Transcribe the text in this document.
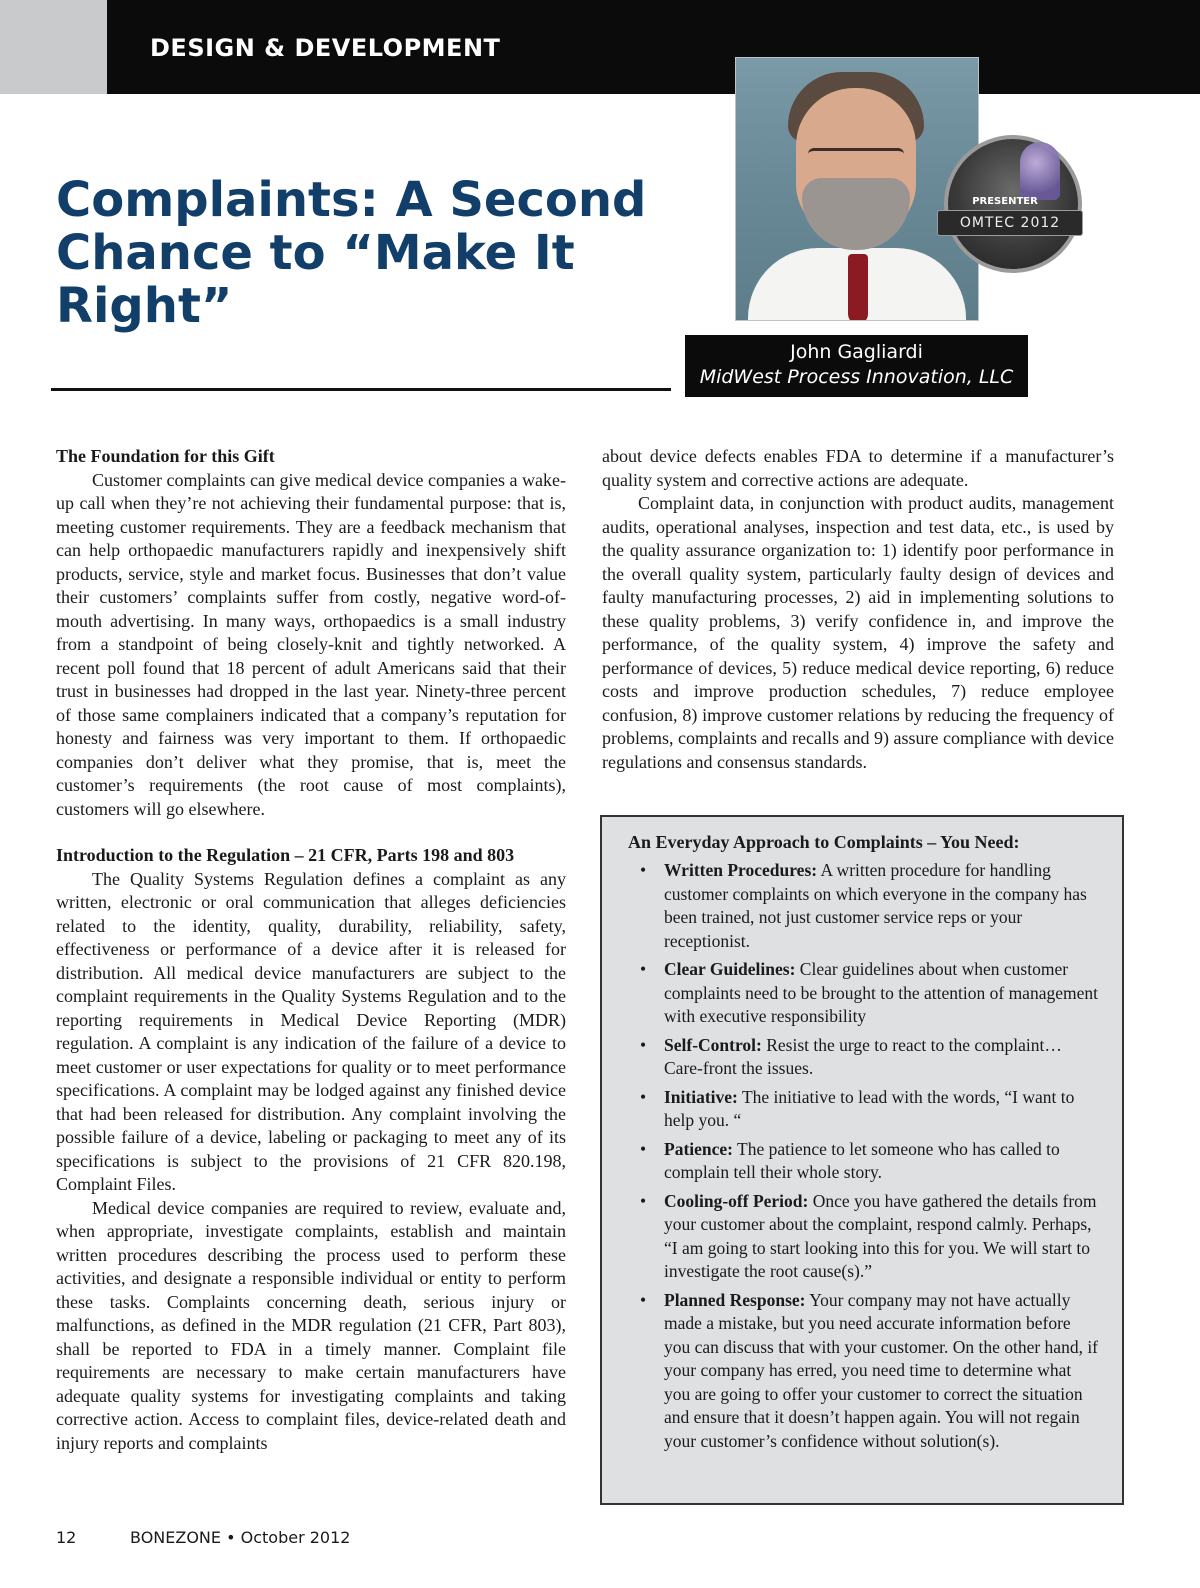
DESIGN & DEVELOPMENT
Complaints: A Second Chance to “Make It Right”
PRESENTER
OMTEC 2012
John Gagliardi
MidWest Process Innovation, LLC
The Foundation for this Gift

Customer complaints can give medical device companies a wake-up call when they’re not achieving their fundamental purpose: that is, meeting customer requirements. They are a feedback mechanism that can help orthopaedic manufacturers rapidly and inexpensively shift products, service, style and market focus. Businesses that don’t value their customers’ complaints suffer from costly, negative word-of-mouth advertising. In many ways, orthopaedics is a small industry from a standpoint of being closely-knit and tightly networked. A recent poll found that 18 percent of adult Americans said that their trust in businesses had dropped in the last year. Ninety-three percent of those same complainers indicated that a company’s reputation for honesty and fairness was very important to them. If orthopaedic companies don’t deliver what they promise, that is, meet the customer’s requirements (the root cause of most complaints), customers will go elsewhere.

Introduction to the Regulation – 21 CFR, Parts 198 and 803

The Quality Systems Regulation defines a complaint as any written, electronic or oral communication that alleges deficiencies related to the identity, quality, durability, reliability, safety, effectiveness or performance of a device after it is released for distribution. All medical device manufacturers are subject to the complaint requirements in the Quality Systems Regulation and to the reporting requirements in Medical Device Reporting (MDR) regulation. A complaint is any indication of the failure of a device to meet customer or user expectations for quality or to meet performance specifications. A complaint may be lodged against any finished device that had been released for distribution. Any complaint involving the possible failure of a device, labeling or packaging to meet any of its specifications is subject to the provisions of 21 CFR 820.198, Complaint Files.

Medical device companies are required to review, evaluate and, when appropriate, investigate complaints, establish and maintain written procedures describing the process used to perform these activities, and designate a responsible individual or entity to perform these tasks. Complaints concerning death, serious injury or malfunctions, as defined in the MDR regulation (21 CFR, Part 803), shall be reported to FDA in a timely manner. Complaint file requirements are necessary to make certain manufacturers have adequate quality systems for investigating complaints and taking corrective action. Access to complaint files, device-related death and injury reports and complaints

about device defects enables FDA to determine if a manufacturer’s quality system and corrective actions are adequate.

Complaint data, in conjunction with product audits, management audits, operational analyses, inspection and test data, etc., is used by the quality assurance organization to: 1) identify poor performance in the overall quality system, particularly faulty design of devices and faulty manufacturing processes, 2) aid in implementing solutions to these quality problems, 3) verify confidence in, and improve the performance, of the quality system, 4) improve the safety and performance of devices, 5) reduce medical device reporting, 6) reduce costs and improve production schedules, 7) reduce employee confusion, 8) improve customer relations by reducing the frequency of problems, complaints and recalls and 9) assure compliance with device regulations and consensus standards.

An Everyday Approach to Complaints – You Need:
• Written Procedures: A written procedure for handling customer complaints on which everyone in the company has been trained, not just customer service reps or your receptionist.
• Clear Guidelines: Clear guidelines about when customer complaints need to be brought to the attention of management with executive responsibility
• Self-Control: Resist the urge to react to the complaint… Care-front the issues.
• Initiative: The initiative to lead with the words, “I want to help you. “
• Patience: The patience to let someone who has called to complain tell their whole story.
• Cooling-off Period: Once you have gathered the details from your customer about the complaint, respond calmly. Perhaps, “I am going to start looking into this for you. We will start to investigate the root cause(s).”
• Planned Response: Your company may not have actually made a mistake, but you need accurate information before you can discuss that with your customer. On the other hand, if your company has erred, you need time to determine what you are going to offer your customer to correct the situation and ensure that it doesn’t happen again. You will not regain your customer’s confidence without solution(s).
12	BONEZONE • October 2012
